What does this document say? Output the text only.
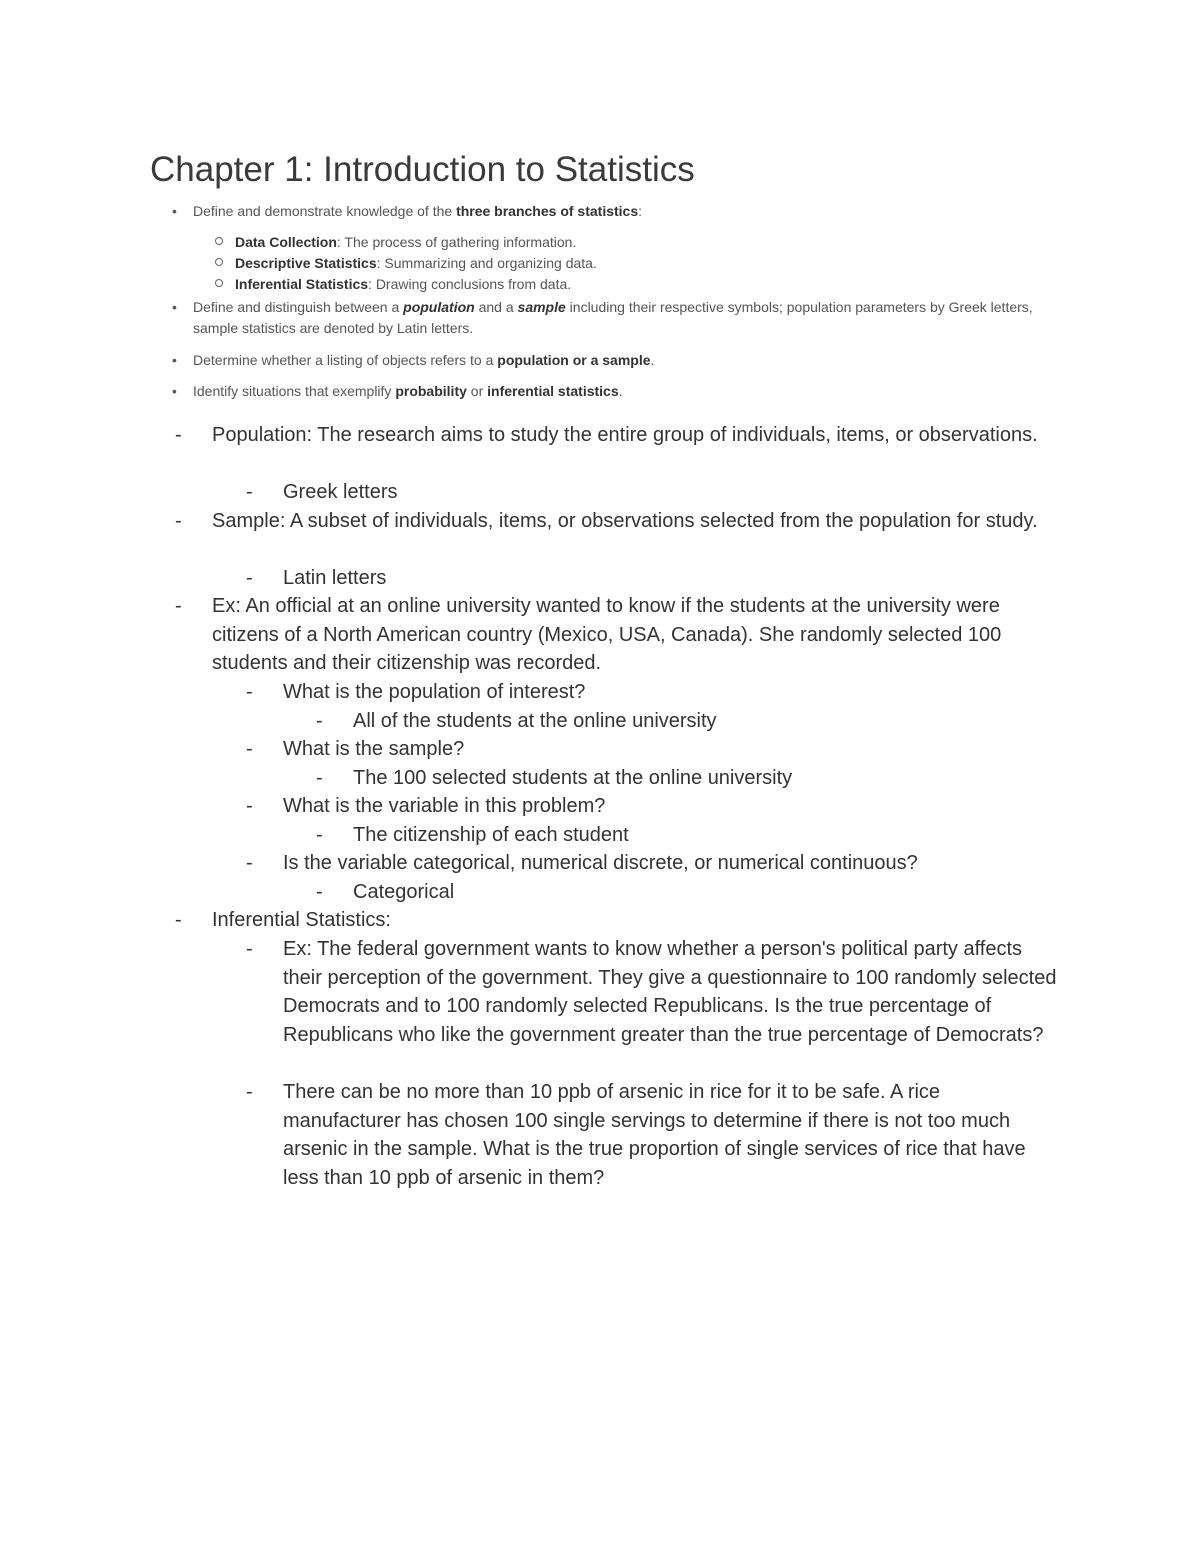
Chapter 1: Introduction to Statistics
•	Define and demonstrate knowledge of the three branches of statistics:
Data Collection: The process of gathering information.
Descriptive Statistics: Summarizing and organizing data.
Inferential Statistics: Drawing conclusions from data.
•	Define and distinguish between a population and a sample including their respective symbols; population parameters by Greek letters, sample statistics are denoted by Latin letters.
•	Determine whether a listing of objects refers to a population or a sample.
•	Identify situations that exemplify probability or inferential statistics.
-	Population: The research aims to study the entire group of individuals, items, or observations.
-	Greek letters
-	Sample: A subset of individuals, items, or observations selected from the population for study.
-	Latin letters
-	Ex: An official at an online university wanted to know if the students at the university were citizens of a North American country (Mexico, USA, Canada). She randomly selected 100 students and their citizenship was recorded.
-	What is the population of interest?
-	All of the students at the online university
-	What is the sample?
-	The 100 selected students at the online university
-	What is the variable in this problem?
-	The citizenship of each student
-	Is the variable categorical, numerical discrete, or numerical continuous?
-	Categorical
-	Inferential Statistics:
-	Ex: The federal government wants to know whether a person's political party affects their perception of the government. They give a questionnaire to 100 randomly selected Democrats and to 100 randomly selected Republicans. Is the true percentage of Republicans who like the government greater than the true percentage of Democrats?
-	There can be no more than 10 ppb of arsenic in rice for it to be safe. A rice manufacturer has chosen 100 single servings to determine if there is not too much arsenic in the sample. What is the true proportion of single services of rice that have less than 10 ppb of arsenic in them?
